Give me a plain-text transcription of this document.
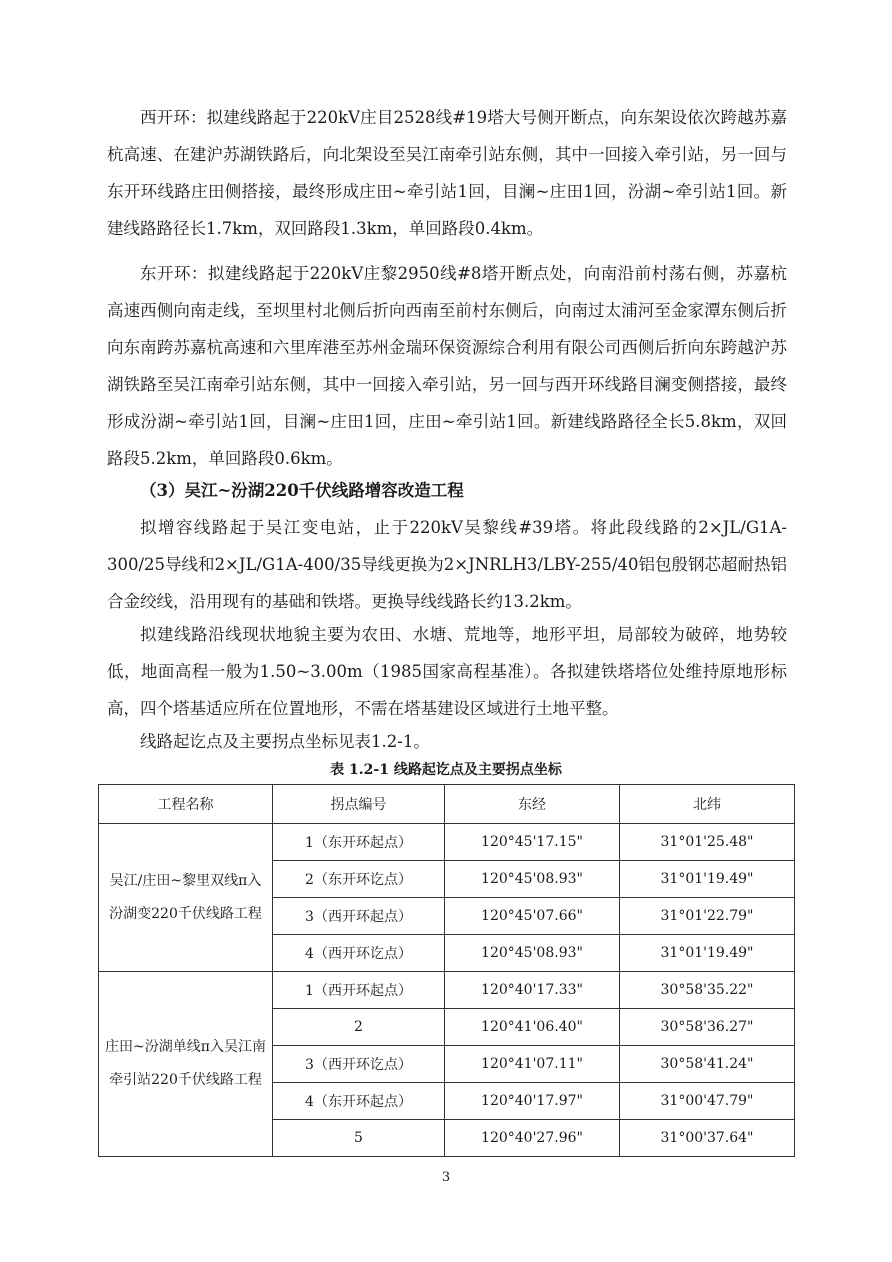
西开环：拟建线路起于220kV庄目2528线#19塔大号侧开断点，向东架设依次跨越苏嘉杭高速、在建沪苏湖铁路后，向北架设至吴江南牵引站东侧，其中一回接入牵引站，另一回与东开环线路庄田侧搭接，最终形成庄田~牵引站1回，目澜~庄田1回，汾湖~牵引站1回。新建线路路径长1.7km，双回路段1.3km，单回路段0.4km。

东开环：拟建线路起于220kV庄黎2950线#8塔开断点处，向南沿前村荡右侧，苏嘉杭高速西侧向南走线，至坝里村北侧后折向西南至前村东侧后，向南过太浦河至金家潭东侧后折向东南跨苏嘉杭高速和六里库港至苏州金瑞环保资源综合利用有限公司西侧后折向东跨越沪苏湖铁路至吴江南牵引站东侧，其中一回接入牵引站，另一回与西开环线路目澜变侧搭接，最终形成汾湖~牵引站1回，目澜~庄田1回，庄田~牵引站1回。新建线路路径全长5.8km，双回路段5.2km，单回路段0.6km。

（3）吴江~汾湖220千伏线路增容改造工程

拟增容线路起于吴江变电站，止于220kV吴黎线#39塔。将此段线路的2×JL/G1A-300/25导线和2×JL/G1A-400/35导线更换为2×JNRLH3/LBY-255/40铝包殷钢芯超耐热铝合金绞线，沿用现有的基础和铁塔。更换导线线路长约13.2km。

拟建线路沿线现状地貌主要为农田、水塘、荒地等，地形平坦，局部较为破碎，地势较低，地面高程一般为1.50~3.00m（1985国家高程基准）。各拟建铁塔塔位处维持原地形标高，四个塔基适应所在位置地形，不需在塔基建设区域进行土地平整。

线路起讫点及主要拐点坐标见表1.2-1。

表 1.2-1 线路起讫点及主要拐点坐标
工程名称	拐点编号	东经	北纬
吴江/庄田~黎里双线π入汾湖变220千伏线路工程	1（东开环起点）	120°45'17.15"	31°01'25.48"
	2（东开环讫点）	120°45'08.93"	31°01'19.49"
	3（西开环起点）	120°45'07.66"	31°01'22.79"
	4（西开环讫点）	120°45'08.93"	31°01'19.49"
庄田~汾湖单线π入吴江南牵引站220千伏线路工程	1（西开环起点）	120°40'17.33"	30°58'35.22"
	2	120°41'06.40"	30°58'36.27"
	3（西开环讫点）	120°41'07.11"	30°58'41.24"
	4（东开环起点）	120°40'17.97"	31°00'47.79"
	5	120°40'27.96"	31°00'37.64"
3
